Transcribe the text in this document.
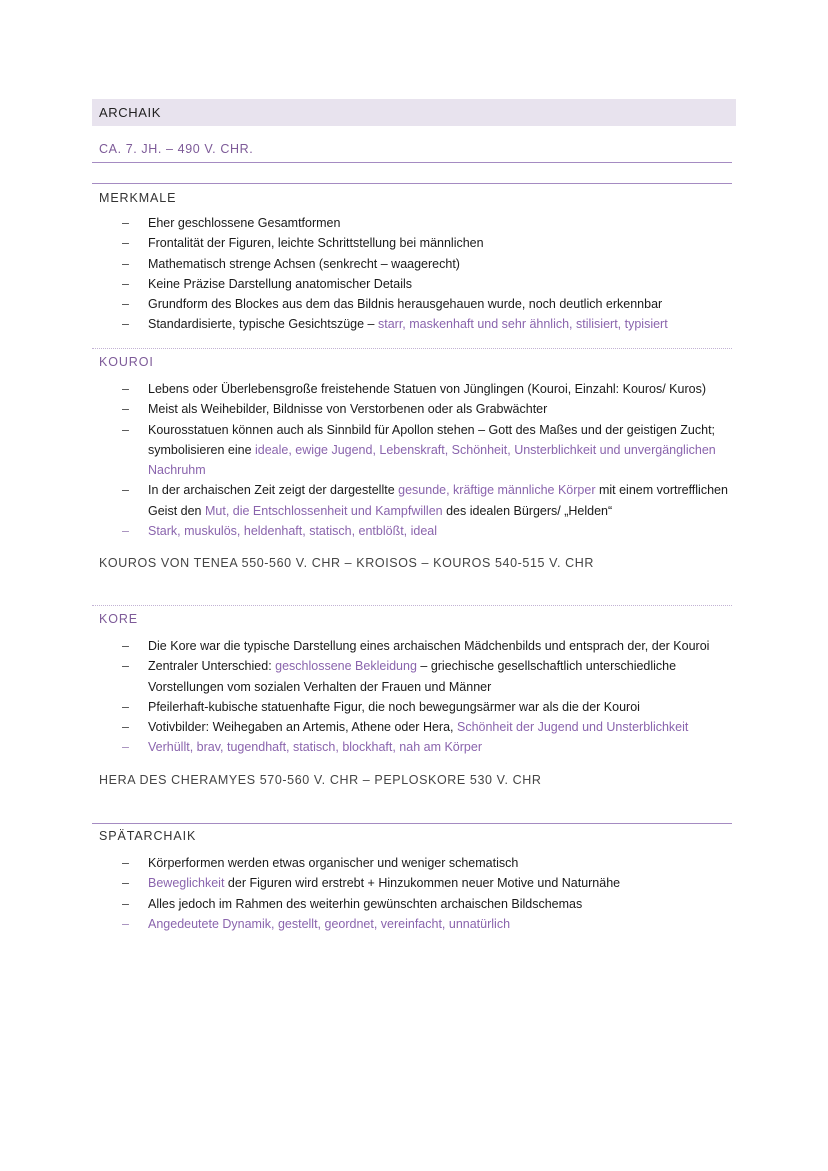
ARCHAIK
CA. 7. JH. – 490 V. CHR.
MERKMALE
– Eher geschlossene Gesamtformen
– Frontalität der Figuren, leichte Schrittstellung bei männlichen
– Mathematisch strenge Achsen (senkrecht – waagerecht)
– Keine Präzise Darstellung anatomischer Details
– Grundform des Blockes aus dem das Bildnis herausgehauen wurde, noch deutlich erkennbar
– Standardisierte, typische Gesichtszüge – starr, maskenhaft und sehr ähnlich, stilisiert, typisiert
KOUROI
– Lebens oder Überlebensgroße freistehende Statuen von Jünglingen (Kouroi, Einzahl: Kouros/ Kuros)
– Meist als Weihebilder, Bildnisse von Verstorbenen oder als Grabwächter
– Kourosstatuen können auch als Sinnbild für Apollon stehen – Gott des Maßes und der geistigen Zucht; symbolisieren eine ideale, ewige Jugend, Lebenskraft, Schönheit, Unsterblichkeit und unvergänglichen Nachruhm
– In der archaischen Zeit zeigt der dargestellte gesunde, kräftige männliche Körper mit einem vortrefflichen Geist den Mut, die Entschlossenheit und Kampfwillen des idealen Bürgers/ „Helden“
– Stark, muskulös, heldenhaft, statisch, entblößt, ideal
KOUROS VON TENEA 550-560 V. CHR – KROISOS – KOUROS 540-515 V. CHR
KORE
– Die Kore war die typische Darstellung eines archaischen Mädchenbilds und entsprach der, der Kouroi
– Zentraler Unterschied: geschlossene Bekleidung – griechische gesellschaftlich unterschiedliche Vorstellungen vom sozialen Verhalten der Frauen und Männer
– Pfeilerhaft-kubische statuenhafte Figur, die noch bewegungsärmer war als die der Kouroi
– Votivbilder: Weihegaben an Artemis, Athene oder Hera, Schönheit der Jugend und Unsterblichkeit
– Verhüllt, brav, tugendhaft, statisch, blockhaft, nah am Körper
HERA DES CHERAMYES 570-560 V. CHR – PEPLOSKORE 530 V. CHR
SPÄTARCHAIK
– Körperformen werden etwas organischer und weniger schematisch
– Beweglichkeit der Figuren wird erstrebt + Hinzukommen neuer Motive und Naturnähe
– Alles jedoch im Rahmen des weiterhin gewünschten archaischen Bildschemas
– Angedeutete Dynamik, gestellt, geordnet, vereinfacht, unnatürlich
